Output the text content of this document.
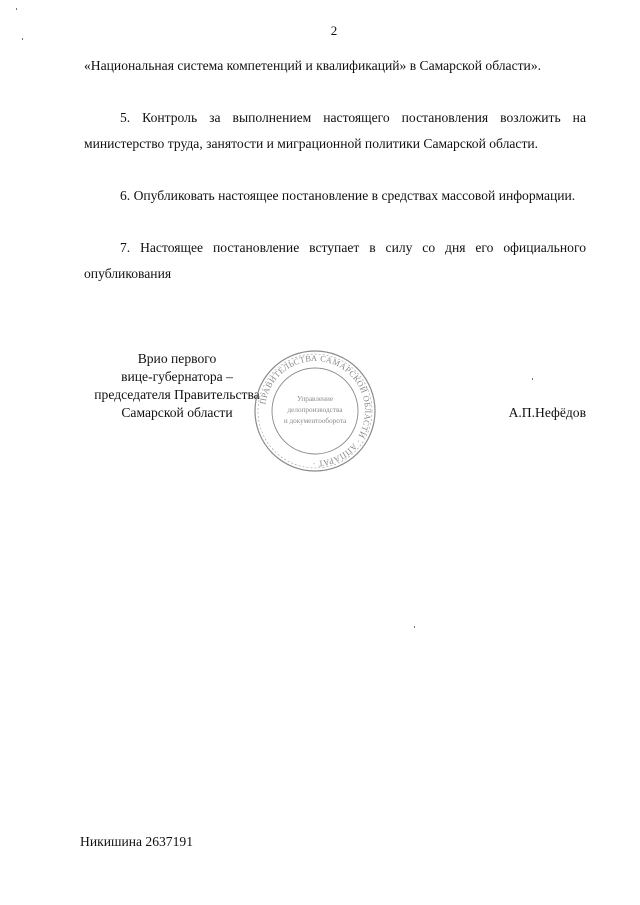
2
«Национальная система компетенций и квалификаций» в Самарской области».
5. Контроль за выполнением настоящего постановления возложить на министерство труда, занятости и миграционной политики Самарской области.
6. Опубликовать настоящее постановление в средствах массовой информации.
7. Настоящее постановление вступает в силу со дня его официального опубликования
Врио первого
вице-губернатора –
председателя Правительства
Самарской области
ПРАВИТЕЛЬСТВА САМАРСКОЙ ОБЛАСТИ · АППАРАТ ·
Управление
делопроизводства
и документооборота
А.П.Нефёдов
Никишина 2637191
